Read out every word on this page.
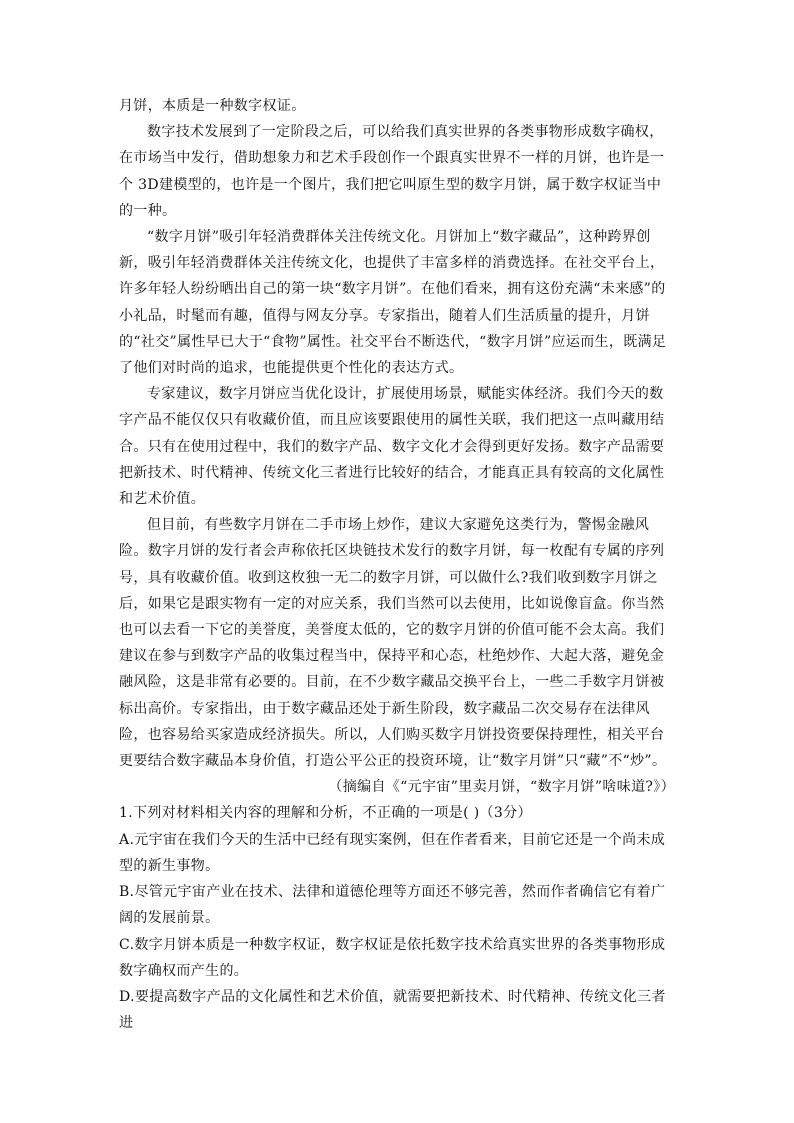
月饼，本质是一种数字权证。

数字技术发展到了一定阶段之后，可以给我们真实世界的各类事物形成数字确权，在市场当中发行，借助想象力和艺术手段创作一个跟真实世界不一样的月饼，也许是一个 3D建模型的，也许是一个图片，我们把它叫原生型的数字月饼，属于数字权证当中的一种。

“数字月饼”吸引年轻消费群体关注传统文化。月饼加上“数字藏品”，这种跨界创新，吸引年轻消费群体关注传统文化，也提供了丰富多样的消费选择。在社交平台上，许多年轻人纷纷晒出自己的第一块“数字月饼”。在他们看来，拥有这份充满“未来感”的小礼品，时髦而有趣，值得与网友分享。专家指出，随着人们生活质量的提升，月饼的“社交”属性早已大于“食物”属性。社交平台不断迭代，“数字月饼”应运而生，既满足了他们对时尚的追求，也能提供更个性化的表达方式。

专家建议，数字月饼应当优化设计，扩展使用场景，赋能实体经济。我们今天的数字产品不能仅仅只有收藏价值，而且应该要跟使用的属性关联，我们把这一点叫藏用结合。只有在使用过程中，我们的数字产品、数字文化才会得到更好发扬。数字产品需要把新技术、时代精神、传统文化三者进行比较好的结合，才能真正具有较高的文化属性和艺术价值。

但目前，有些数字月饼在二手市场上炒作，建议大家避免这类行为，警惕金融风险。数字月饼的发行者会声称依托区块链技术发行的数字月饼，每一枚配有专属的序列号，具有收藏价值。收到这枚独一无二的数字月饼，可以做什么?我们收到数字月饼之后，如果它是跟实物有一定的对应关系，我们当然可以去使用，比如说像盲盒。你当然也可以去看一下它的美誉度，美誉度太低的，它的数字月饼的价值可能不会太高。我们建议在参与到数字产品的收集过程当中，保持平和心态，杜绝炒作、大起大落，避免金融风险，这是非常有必要的。目前，在不少数字藏品交换平台上，一些二手数字月饼被标出高价。专家指出，由于数字藏品还处于新生阶段，数字藏品二次交易存在法律风险，也容易给买家造成经济损失。所以，人们购买数字月饼投资要保持理性，相关平台更要结合数字藏品本身价值，打造公平公正的投资环境，让“数字月饼”只“藏”不“炒”。

（摘编自《“元宇宙”里卖月饼，“数字月饼”啥味道?》）

1.下列对材料相关内容的理解和分析，不正确的一项是( )（3分）

A.元宇宙在我们今天的生活中已经有现实案例，但在作者看来，目前它还是一个尚未成型的新生事物。

B.尽管元宇宙产业在技术、法律和道德伦理等方面还不够完善，然而作者确信它有着广阔的发展前景。

C.数字月饼本质是一种数字权证，数字权证是依托数字技术给真实世界的各类事物形成数字确权而产生的。

D.要提高数字产品的文化属性和艺术价值，就需要把新技术、时代精神、传统文化三者进
